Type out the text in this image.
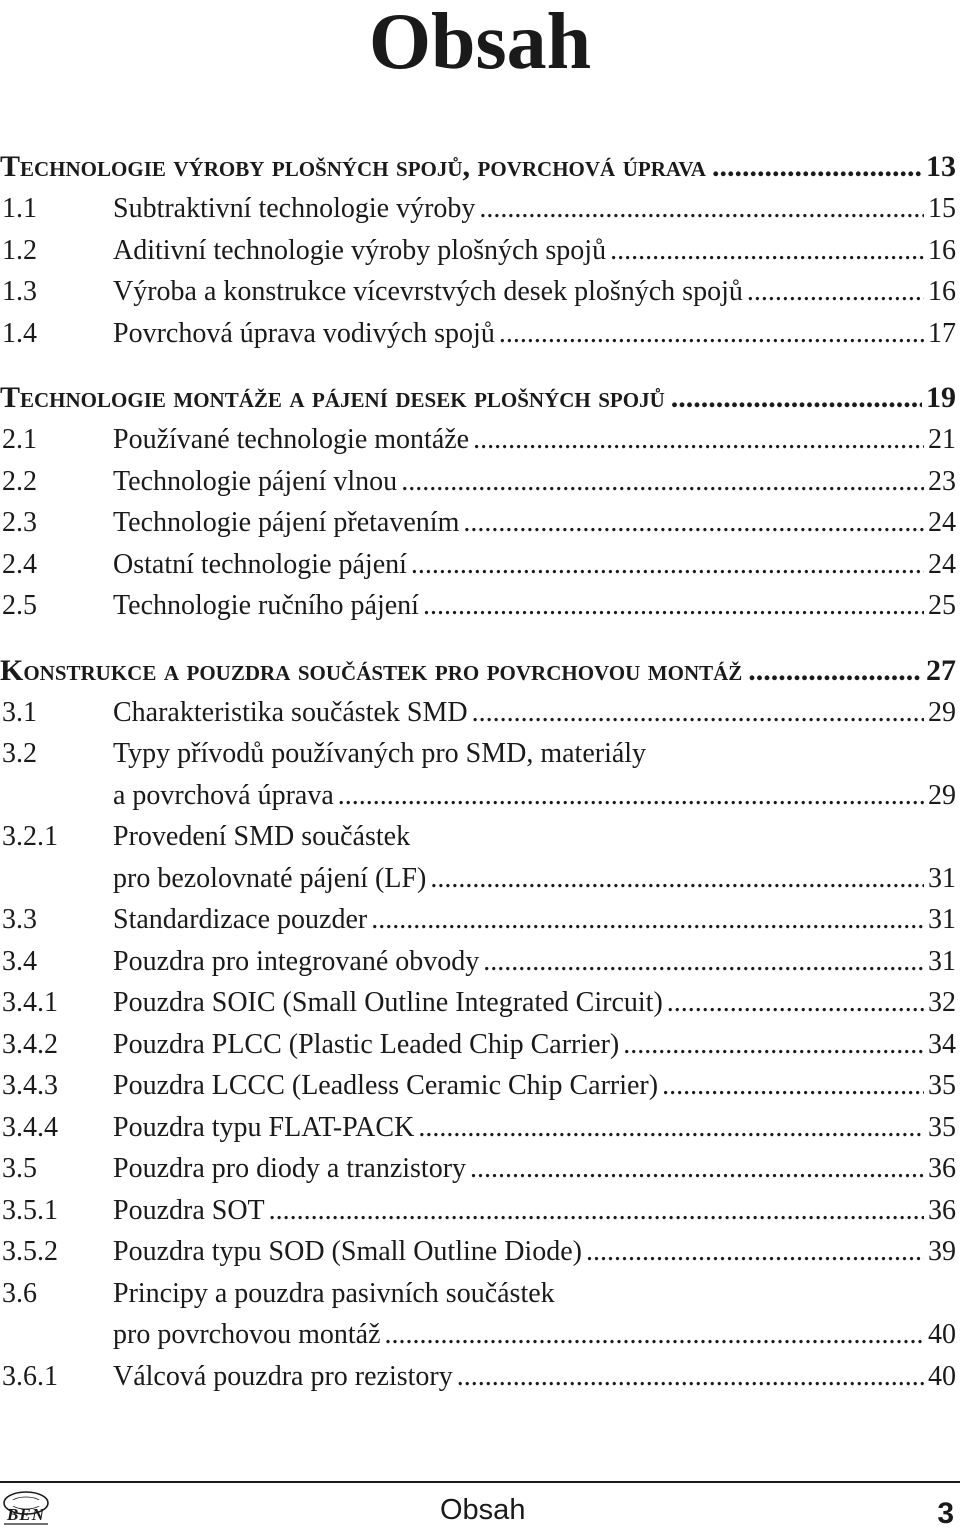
Obsah
Technologie výroby plošných spojů, povrchová úprava .....	13
1.1	Subtraktivní technologie výroby .....	15
1.2	Aditivní technologie výroby plošných spojů .....	16
1.3	Výroba a konstrukce vícevrstvých desek plošných spojů .....	16
1.4	Povrchová úprava vodivých spojů .....	17
Technologie montáže a pájení desek plošných spojů .....	19
2.1	Používané technologie montáže .....	21
2.2	Technologie pájení vlnou .....	23
2.3	Technologie pájení přetavením .....	24
2.4	Ostatní technologie pájení .....	24
2.5	Technologie ručního pájení .....	25
Konstrukce a pouzdra součástek pro povrchovou montáž .....	27
3.1	Charakteristika součástek SMD .....	29
3.2	Typy přívodů používaných pro SMD, materiály
a povrchová úprava .....	29
3.2.1	Provedení SMD součástek
pro bezolovnaté pájení (LF) .....	31
3.3	Standardizace pouzder .....	31
3.4	Pouzdra pro integrované obvody .....	31
3.4.1	Pouzdra SOIC (Small Outline Integrated Circuit) .....	32
3.4.2	Pouzdra PLCC (Plastic Leaded Chip Carrier) .....	34
3.4.3	Pouzdra LCCC (Leadless Ceramic Chip Carrier) .....	35
3.4.4	Pouzdra typu FLAT-PACK .....	35
3.5	Pouzdra pro diody a tranzistory .....	36
3.5.1	Pouzdra SOT .....	36
3.5.2	Pouzdra typu SOD (Small Outline Diode) .....	39
3.6	Principy a pouzdra pasivních součástek
pro povrchovou montáž .....	40
3.6.1	Válcová pouzdra pro rezistory .....	40
BEN	Obsah	3
